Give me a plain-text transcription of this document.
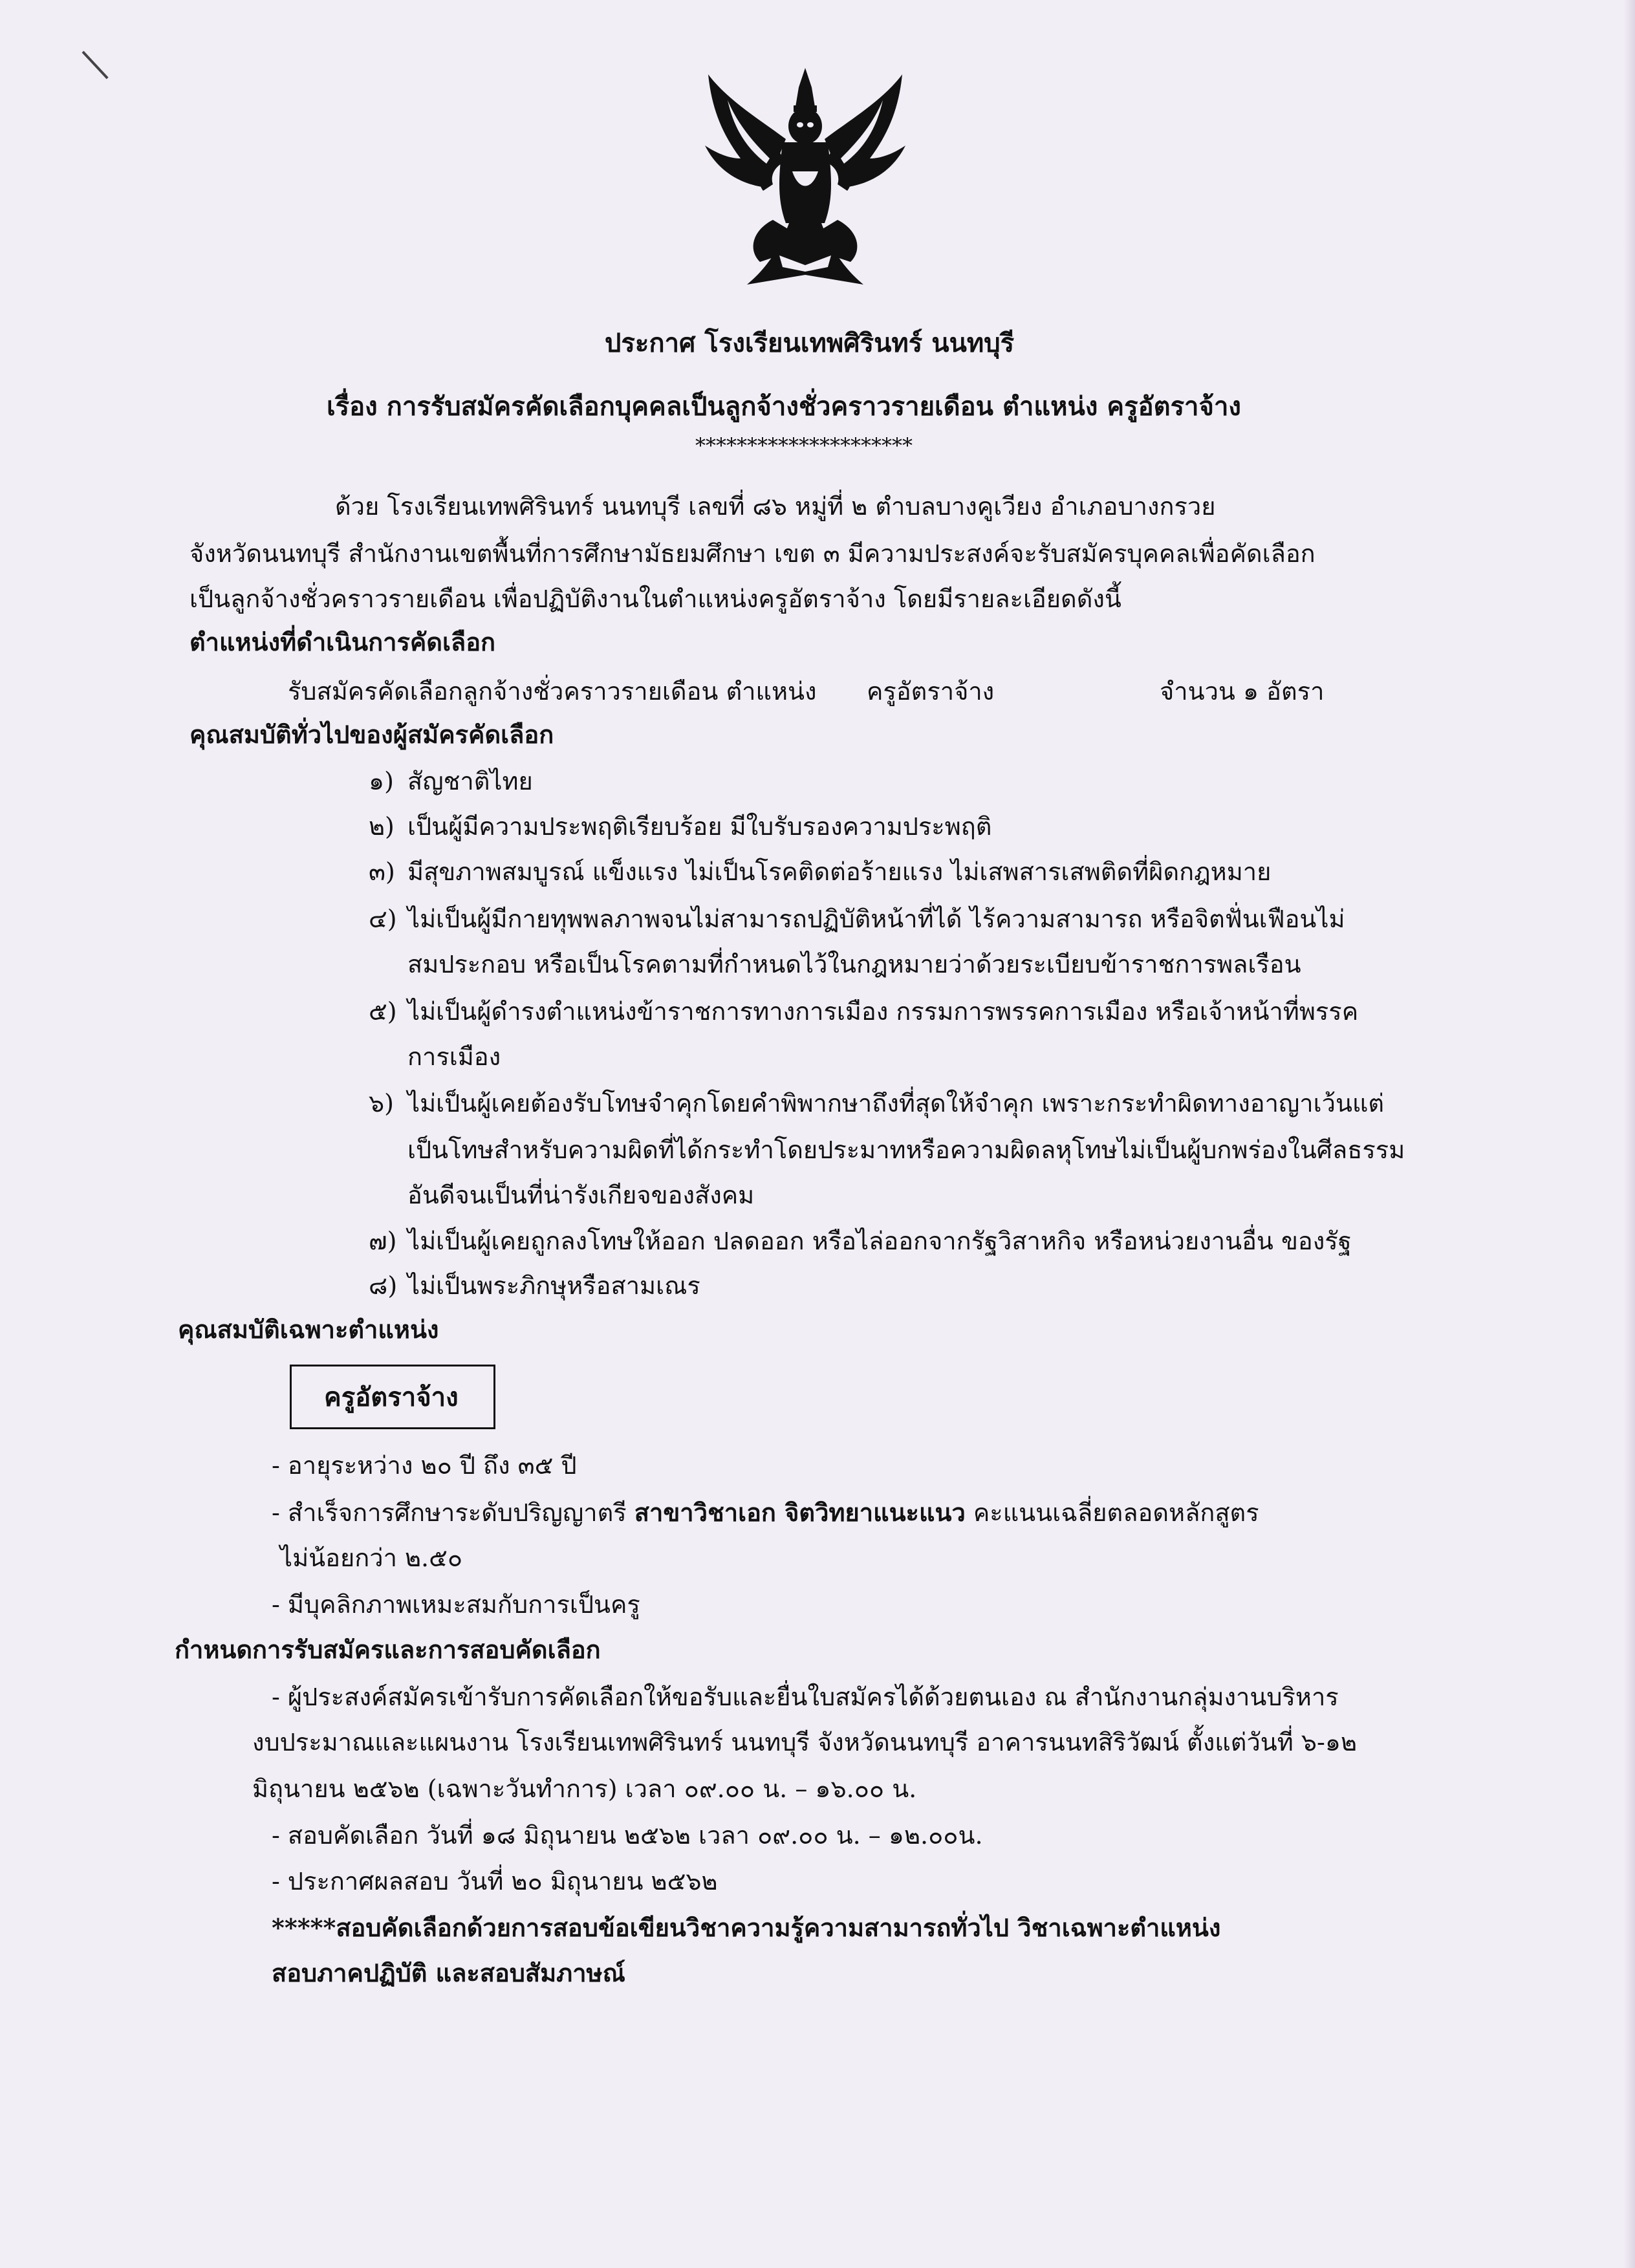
ประกาศ โรงเรียนเทพศิรินทร์ นนทบุรี
เรื่อง การรับสมัครคัดเลือกบุคคลเป็นลูกจ้างชั่วคราวรายเดือน ตำแหน่ง ครูอัตราจ้าง
*********************
ด้วย โรงเรียนเทพศิรินทร์ นนทบุรี เลขที่ ๘๖ หมู่ที่ ๒ ตำบลบางคูเวียง อำเภอบางกรวย
จังหวัดนนทบุรี สำนักงานเขตพื้นที่การศึกษามัธยมศึกษา เขต ๓ มีความประสงค์จะรับสมัครบุคคลเพื่อคัดเลือก
เป็นลูกจ้างชั่วคราวรายเดือน เพื่อปฏิบัติงานในตำแหน่งครูอัตราจ้าง โดยมีรายละเอียดดังนี้
ตำแหน่งที่ดำเนินการคัดเลือก
รับสมัครคัดเลือกลูกจ้างชั่วคราวรายเดือน ตำแหน่ง ครูอัตราจ้าง	จำนวน ๑ อัตรา
คุณสมบัติทั่วไปของผู้สมัครคัดเลือก
๑) สัญชาติไทย
๒) เป็นผู้มีความประพฤติเรียบร้อย มีใบรับรองความประพฤติ
๓) มีสุขภาพสมบูรณ์ แข็งแรง ไม่เป็นโรคติดต่อร้ายแรง ไม่เสพสารเสพติดที่ผิดกฎหมาย
๔) ไม่เป็นผู้มีกายทุพพลภาพจนไม่สามารถปฏิบัติหน้าที่ได้ ไร้ความสามารถ หรือจิตฟั่นเฟือนไม่
สมประกอบ หรือเป็นโรคตามที่กำหนดไว้ในกฎหมายว่าด้วยระเบียบข้าราชการพลเรือน
๕) ไม่เป็นผู้ดำรงตำแหน่งข้าราชการทางการเมือง กรรมการพรรคการเมือง หรือเจ้าหน้าที่พรรค
การเมือง
๖) ไม่เป็นผู้เคยต้องรับโทษจำคุกโดยคำพิพากษาถึงที่สุดให้จำคุก เพราะกระทำผิดทางอาญาเว้นแต่
เป็นโทษสำหรับความผิดที่ได้กระทำโดยประมาทหรือความผิดลหุโทษไม่เป็นผู้บกพร่องในศีลธรรม
อันดีจนเป็นที่น่ารังเกียจของสังคม
๗) ไม่เป็นผู้เคยถูกลงโทษให้ออก ปลดออก หรือไล่ออกจากรัฐวิสาหกิจ หรือหน่วยงานอื่น ของรัฐ
๘) ไม่เป็นพระภิกษุหรือสามเณร
คุณสมบัติเฉพาะตำแหน่ง
ครูอัตราจ้าง
- อายุระหว่าง ๒๐ ปี ถึง ๓๕ ปี
- สำเร็จการศึกษาระดับปริญญาตรี สาขาวิชาเอก จิตวิทยาแนะแนว คะแนนเฉลี่ยตลอดหลักสูตร
ไม่น้อยกว่า ๒.๕๐
- มีบุคลิกภาพเหมะสมกับการเป็นครู
กำหนดการรับสมัครและการสอบคัดเลือก
- ผู้ประสงค์สมัครเข้ารับการคัดเลือกให้ขอรับและยื่นใบสมัครได้ด้วยตนเอง ณ สำนักงานกลุ่มงานบริหาร
งบประมาณและแผนงาน โรงเรียนเทพศิรินทร์ นนทบุรี จังหวัดนนทบุรี อาคารนนทสิริวัฒน์ ตั้งแต่วันที่ ๖-๑๒
มิถุนายน ๒๕๖๒ (เฉพาะวันทำการ) เวลา ๐๙.๐๐ น. – ๑๖.๐๐ น.
- สอบคัดเลือก วันที่ ๑๘ มิถุนายน ๒๕๖๒ เวลา ๐๙.๐๐ น. – ๑๒.๐๐น.
- ประกาศผลสอบ วันที่ ๒๐ มิถุนายน ๒๕๖๒
*****สอบคัดเลือกด้วยการสอบข้อเขียนวิชาความรู้ความสามารถทั่วไป วิชาเฉพาะตำแหน่ง
สอบภาคปฏิบัติ และสอบสัมภาษณ์
